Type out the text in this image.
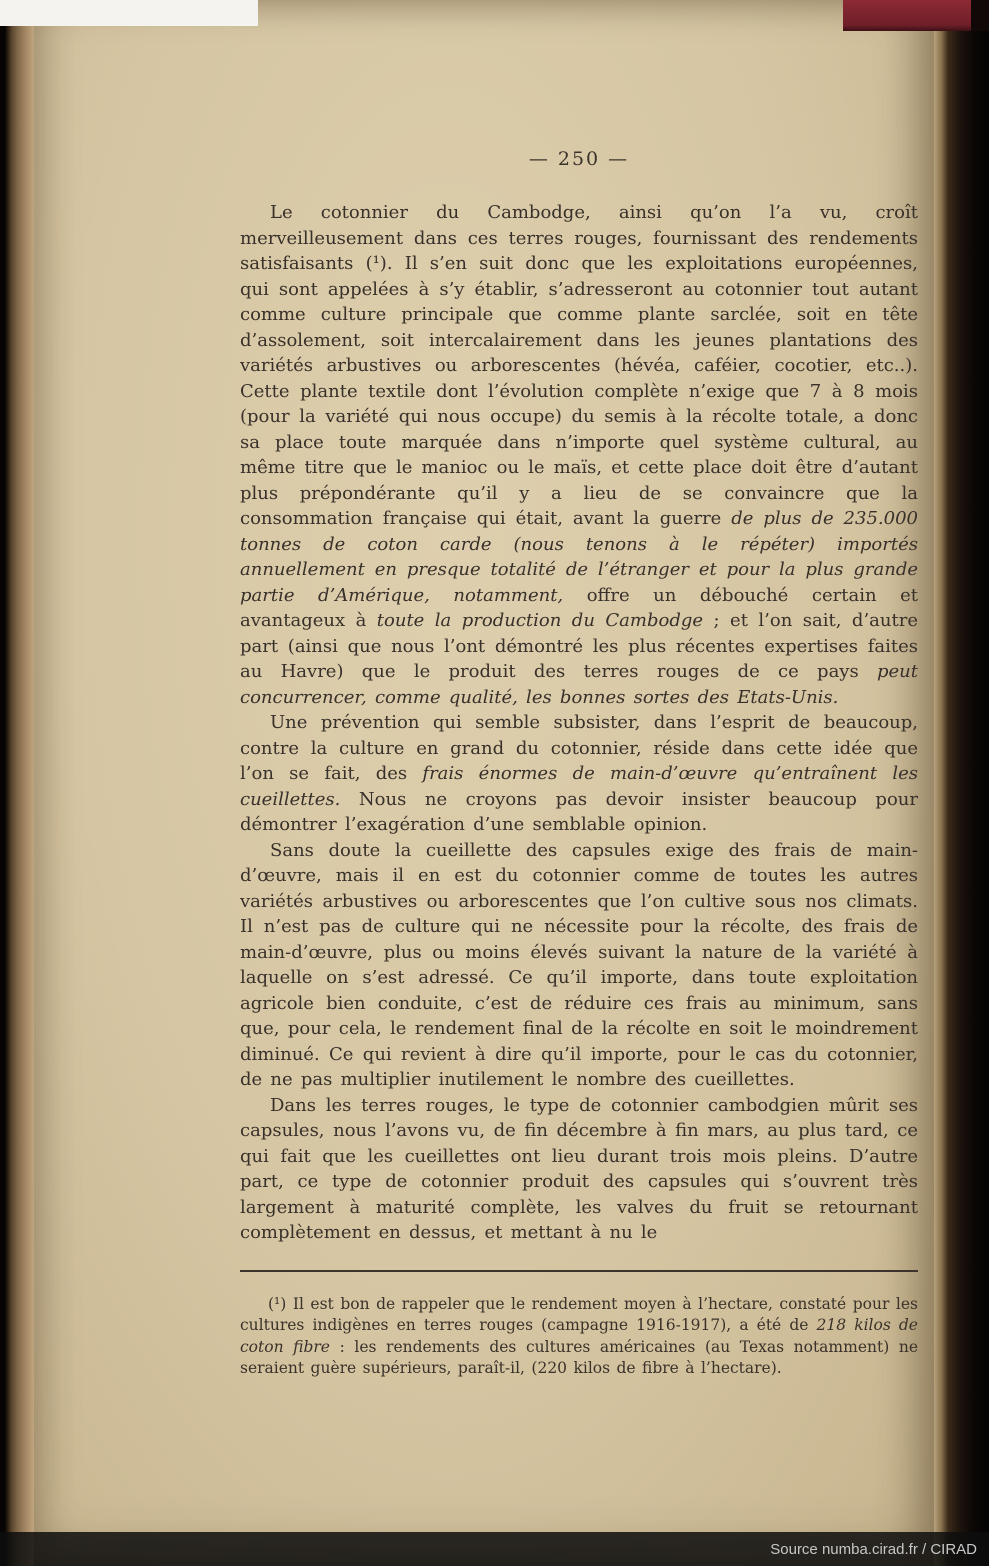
— 250 —

Le cotonnier du Cambodge, ainsi qu’on l’a vu, croît merveilleusement dans ces terres rouges, fournissant des rendements satisfaisants (¹). Il s’en suit donc que les exploitations européennes, qui sont appelées à s’y établir, s’adresseront au cotonnier tout autant comme culture principale que comme plante sarclée, soit en tête d’assolement, soit intercalairement dans les jeunes plantations des variétés arbustives ou arborescentes (hévéa, caféier, cocotier, etc..). Cette plante textile dont l’évolution complète n’exige que 7 à 8 mois (pour la variété qui nous occupe) du semis à la récolte totale, a donc sa place toute marquée dans n’importe quel système cultural, au même titre que le manioc ou le maïs, et cette place doit être d’autant plus prépondérante qu’il y a lieu de se convaincre que la consommation française qui était, avant la guerre de plus de 235.000 tonnes de coton carde (nous tenons à le répéter) importés annuellement en presque totalité de l’étranger et pour la plus grande partie d’Amérique, notamment, offre un débouché certain et avantageux à toute la production du Cambodge ; et l’on sait, d’autre part (ainsi que nous l’ont démontré les plus récentes expertises faites au Havre) que le produit des terres rouges de ce pays peut concurrencer, comme qualité, les bonnes sortes des Etats-Unis.

Une prévention qui semble subsister, dans l’esprit de beaucoup, contre la culture en grand du cotonnier, réside dans cette idée que l’on se fait, des frais énormes de main-d’œuvre qu’entraînent les cueillettes. Nous ne croyons pas devoir insister beaucoup pour démontrer l’exagération d’une semblable opinion.

Sans doute la cueillette des capsules exige des frais de main-d’œuvre, mais il en est du cotonnier comme de toutes les autres variétés arbustives ou arborescentes que l’on cultive sous nos climats. Il n’est pas de culture qui ne nécessite pour la récolte, des frais de main-d’œuvre, plus ou moins élevés suivant la nature de la variété à laquelle on s’est adressé. Ce qu’il importe, dans toute exploitation agricole bien conduite, c’est de réduire ces frais au minimum, sans que, pour cela, le rendement final de la récolte en soit le moindrement diminué. Ce qui revient à dire qu’il importe, pour le cas du cotonnier, de ne pas multiplier inutilement le nombre des cueillettes.

Dans les terres rouges, le type de cotonnier cambodgien mûrit ses capsules, nous l’avons vu, de fin décembre à fin mars, au plus tard, ce qui fait que les cueillettes ont lieu durant trois mois pleins. D’autre part, ce type de cotonnier produit des capsules qui s’ouvrent très largement à maturité complète, les valves du fruit se retournant complètement en dessus, et mettant à nu le

(¹) Il est bon de rappeler que le rendement moyen à l’hectare, constaté pour les cultures indigènes en terres rouges (campagne 1916-1917), a été de 218 kilos de coton fibre : les rendements des cultures américaines (au Texas notamment) ne seraient guère supérieurs, paraît-il, (220 kilos de fibre à l’hectare).

Source numba.cirad.fr / CIRAD
